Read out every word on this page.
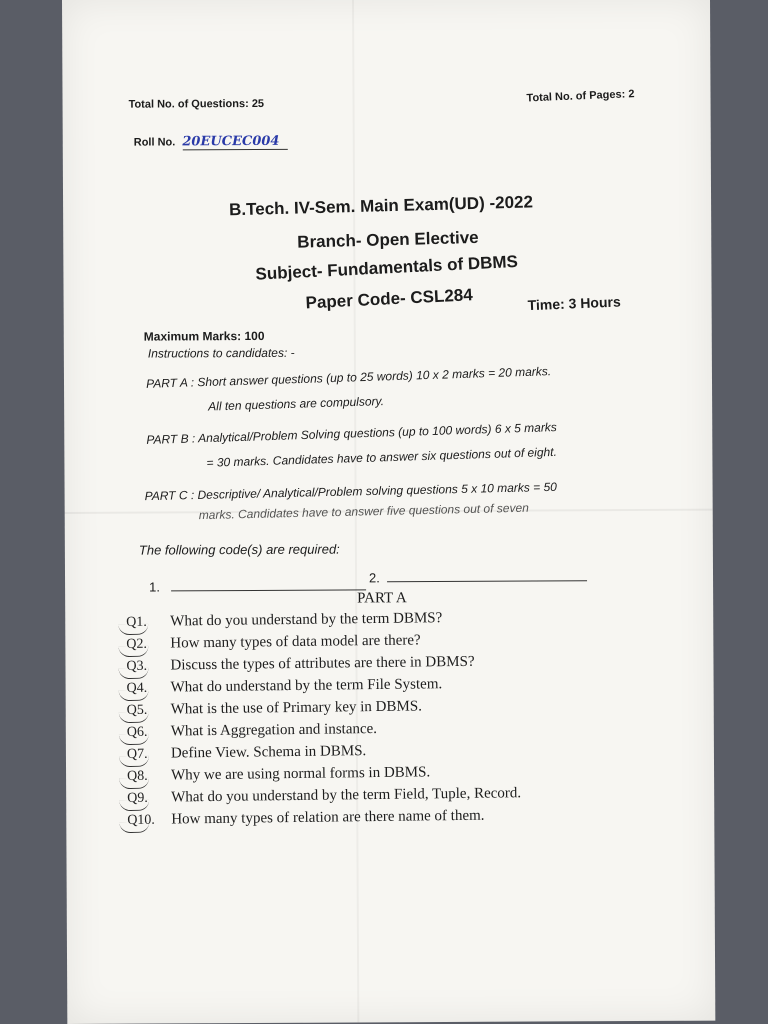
Total No. of Questions: 25	Total No. of Pages: 2
Roll No. 20EUCEC004
B.Tech. IV-Sem. Main Exam(UD) -2022
Branch- Open Elective
Subject- Fundamentals of DBMS
Paper Code- CSL284	Time: 3 Hours
Maximum Marks: 100
Instructions to candidates: -
PART A : Short answer questions (up to 25 words) 10 x 2 marks = 20 marks.
All ten questions are compulsory.
PART B : Analytical/Problem Solving questions (up to 100 words) 6 x 5 marks
= 30 marks. Candidates have to answer six questions out of eight.
PART C : Descriptive/ Analytical/Problem solving questions 5 x 10 marks = 50
marks. Candidates have to answer five questions out of seven
The following code(s) are required:
1.
2.
PART A
Q1.	What do you understand by the term DBMS?
Q2.	How many types of data model are there?
Q3.	Discuss the types of attributes are there in DBMS?
Q4.	What do understand by the term File System.
Q5.	What is the use of Primary key in DBMS.
Q6.	What is Aggregation and instance.
Q7.	Define View. Schema in DBMS.
Q8.	Why we are using normal forms in DBMS.
Q9.	What do you understand by the term Field, Tuple, Record.
Q10.	How many types of relation are there name of them.
